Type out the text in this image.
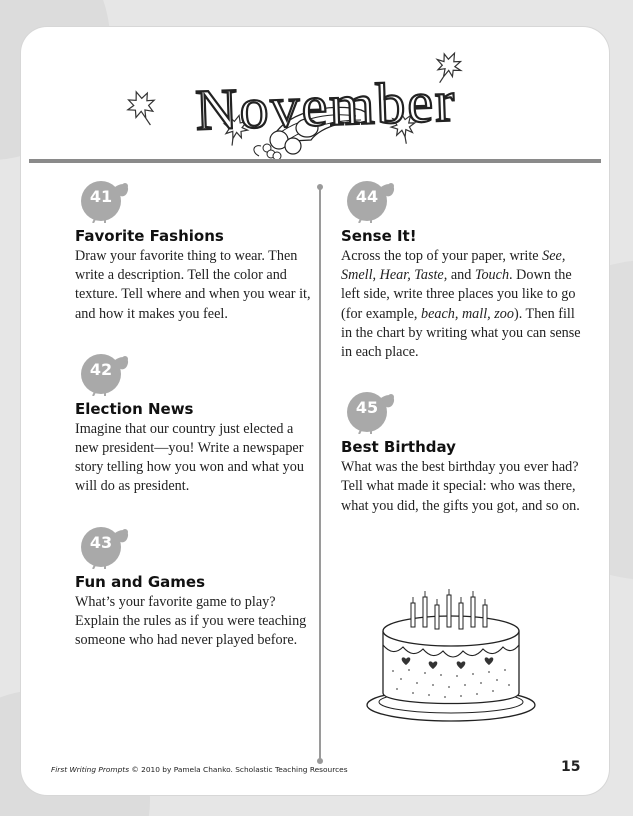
November
41
Favorite Fashions

Draw your favorite thing to wear. Then write a description. Tell the color and texture. Tell where and when you wear it, and how it makes you feel.

42
Election News

Imagine that our country just elected a new president—you! Write a newspaper story telling how you won and what you will do as president.

43
Fun and Games

What’s your favorite game to play? Explain the rules as if you were teaching someone who had never played before.

44
Sense It!

Across the top of your paper, write See, Smell, Hear, Taste, and Touch. Down the left side, write three places you like to go (for example, beach, mall, zoo). Then fill in the chart by writing what you can sense in each place.

45
Best Birthday

What was the best birthday you ever had? Tell what made it special: who was there, what you did, the gifts you got, and so on.

First Writing Prompts © 2010 by Pamela Chanko. Scholastic Teaching Resources	15
